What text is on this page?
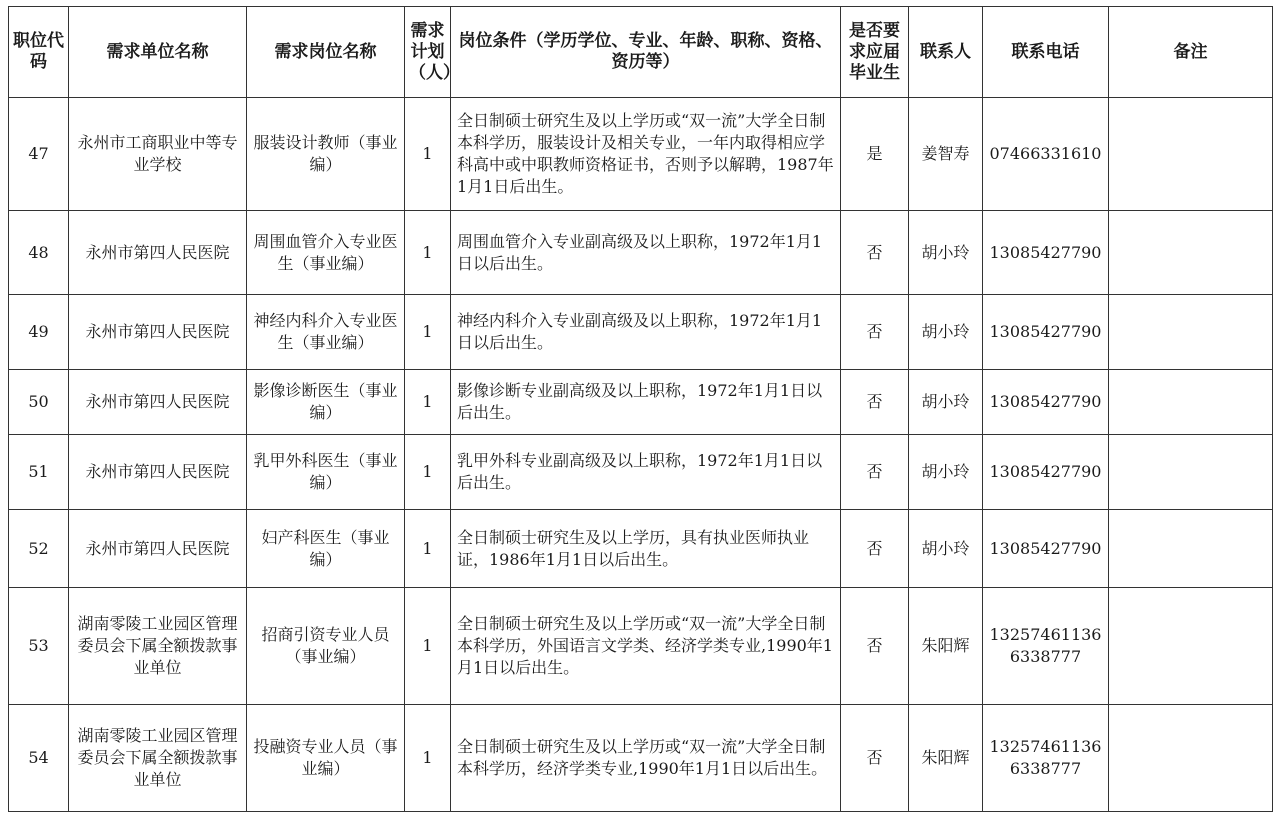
职位代码	需求单位名称	需求岗位名称	需求计划（人）	岗位条件（学历学位、专业、年龄、职称、资格、资历等）	是否要求应届毕业生	联系人	联系电话	备注
47	永州市工商职业中等专业学校	服装设计教师（事业编）	1	全日制硕士研究生及以上学历或“双一流”大学全日制本科学历，服装设计及相关专业，一年内取得相应学科高中或中职教师资格证书，否则予以解聘，1987年1月1日后出生。	是	姜智寿	07466331610	
48	永州市第四人民医院	周围血管介入专业医生（事业编）	1	周围血管介入专业副高级及以上职称，1972年1月1日以后出生。	否	胡小玲	13085427790	
49	永州市第四人民医院	神经内科介入专业医生（事业编）	1	神经内科介入专业副高级及以上职称，1972年1月1日以后出生。	否	胡小玲	13085427790	
50	永州市第四人民医院	影像诊断医生（事业编）	1	影像诊断专业副高级及以上职称，1972年1月1日以后出生。	否	胡小玲	13085427790	
51	永州市第四人民医院	乳甲外科医生（事业编）	1	乳甲外科专业副高级及以上职称，1972年1月1日以后出生。	否	胡小玲	13085427790	
52	永州市第四人民医院	妇产科医生（事业编）	1	全日制硕士研究生及以上学历，具有执业医师执业证，1986年1月1日以后出生。	否	胡小玲	13085427790	
53	湖南零陵工业园区管理委员会下属全额拨款事业单位	招商引资专业人员（事业编）	1	全日制硕士研究生及以上学历或“双一流”大学全日制本科学历，外国语言文学类、经济学类专业,1990年1月1日以后出生。	否	朱阳辉	13257461136 6338777	
54	湖南零陵工业园区管理委员会下属全额拨款事业单位	投融资专业人员（事业编）	1	全日制硕士研究生及以上学历或“双一流”大学全日制本科学历，经济学类专业,1990年1月1日以后出生。	否	朱阳辉	13257461136 6338777	
